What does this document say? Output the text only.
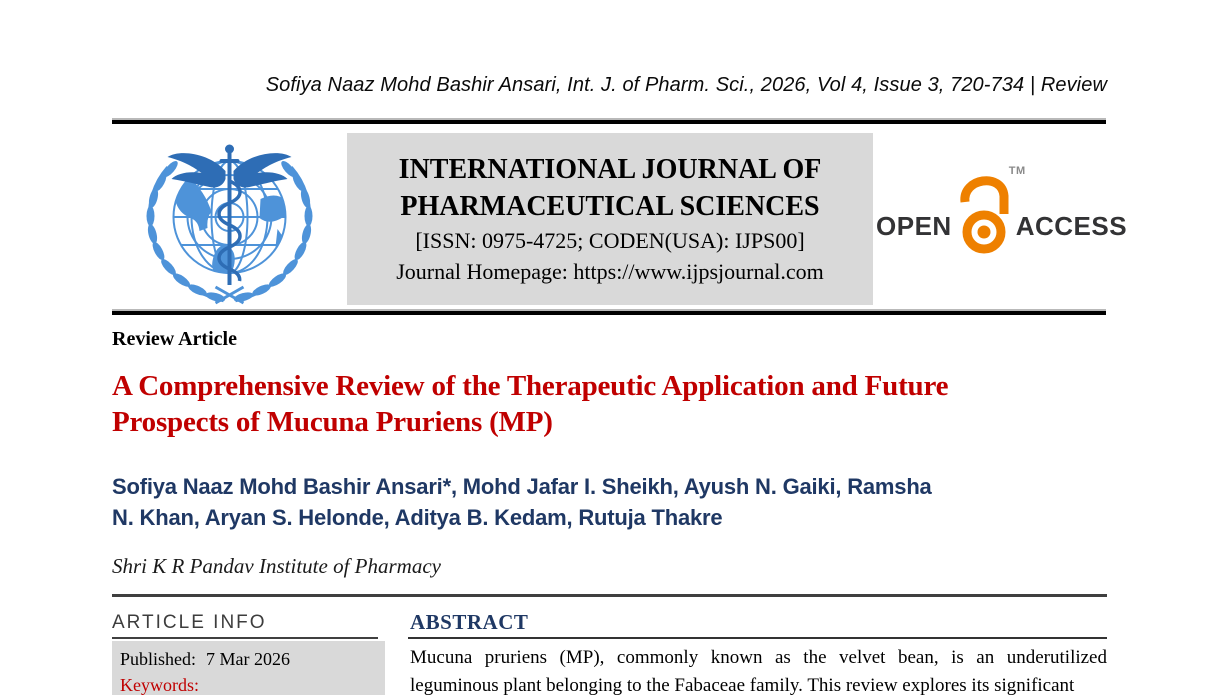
Sofiya Naaz Mohd Bashir Ansari, Int. J. of Pharm. Sci., 2026, Vol 4, Issue 3, 720-734 | Review
INTERNATIONAL JOURNAL OF
PHARMACEUTICAL SCIENCES
[ISSN: 0975-4725; CODEN(USA): IJPS00]
Journal Homepage: https://www.ijpsjournal.com
OPEN
TM
ACCESS
Review Article
A Comprehensive Review of the Therapeutic Application and Future
Prospects of Mucuna Pruriens (MP)
Sofiya Naaz Mohd Bashir Ansari*, Mohd Jafar I. Sheikh, Ayush N. Gaiki, Ramsha
N. Khan, Aryan S. Helonde, Aditya B. Kedam, Rutuja Thakre
Shri K R Pandav Institute of Pharmacy
ARTICLE INFO
Published: 7 Mar 2026
Keywords:
ABSTRACT
Mucuna pruriens (MP), commonly known as the velvet bean, is an underutilized leguminous plant belonging to the Fabaceae family. This review explores its significant
